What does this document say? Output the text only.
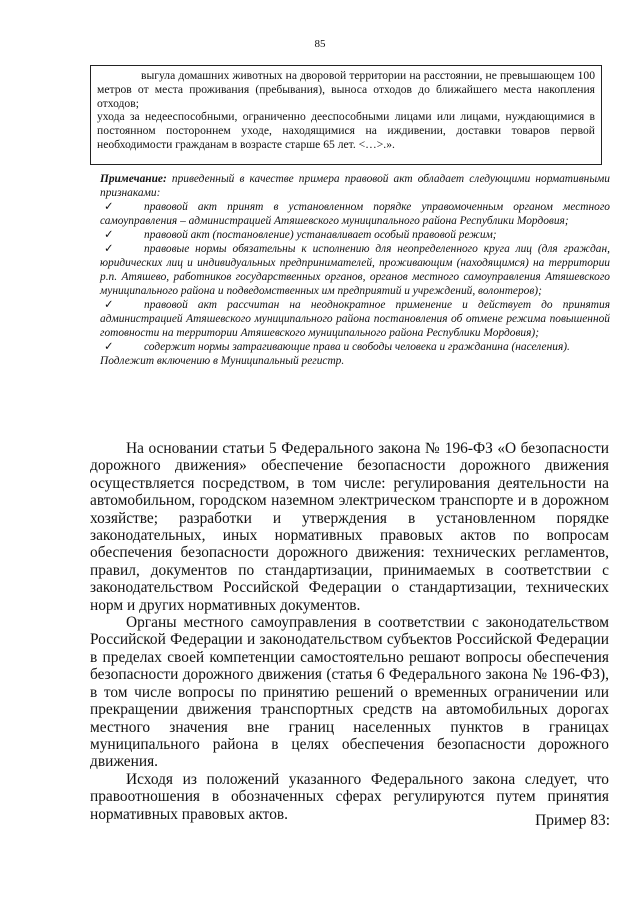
85

выгула домашних животных на дворовой территории на расстоянии, не превышающем 100 метров от места проживания (пребывания), выноса отходов до ближайшего места накопления отходов;

ухода за недееспособными, ограниченно дееспособными лицами или лицами, нуждающимися в постоянном постороннем уходе, находящимися на иждивении, доставки товаров первой необходимости гражданам в возрасте старше 65 лет. <…>.».

Примечание: приведенный в качестве примера правовой акт обладает следующими нормативными признаками:

✓	правовой акт принят в установленном порядке управомоченным органом местного самоуправления – администрацией Атяшевского муниципального района Республики Мордовия;

✓	правовой акт (постановление) устанавливает особый правовой режим;

✓	правовые нормы обязательны к исполнению для неопределенного круга лиц (для граждан, юридических лиц и индивидуальных предпринимателей, проживающим (находящимся) на территории р.п. Атяшево, работников государственных органов, органов местного самоуправления Атяшевского муниципального района и подведомственных им предприятий и учреждений, волонтеров);

✓	правовой акт рассчитан на неоднократное применение и действует до принятия администрацией Атяшевского муниципального района постановления об отмене режима повышенной готовности на территории Атяшевского муниципального района Республики Мордовия);

✓	содержит нормы затрагивающие права и свободы человека и гражданина (населения).

Подлежит включению в Муниципальный регистр.

На основании статьи 5 Федерального закона № 196-ФЗ «О безопасности дорожного движения» обеспечение безопасности дорожного движения осуществляется посредством, в том числе: регулирования деятельности на автомобильном, городском наземном электрическом транспорте и в дорожном хозяйстве; разработки и утверждения в установленном порядке законодательных, иных нормативных правовых актов по вопросам обеспечения безопасности дорожного движения: технических регламентов, правил, документов по стандартизации, принимаемых в соответствии с законодательством Российской Федерации о стандартизации, технических норм и других нормативных документов.

Органы местного самоуправления в соответствии с законодательством Российской Федерации и законодательством субъектов Российской Федерации в пределах своей компетенции самостоятельно решают вопросы обеспечения безопасности дорожного движения (статья 6 Федерального закона № 196-ФЗ), в том числе вопросы по принятию решений о временных ограничении или прекращении движения транспортных средств на автомобильных дорогах местного значения вне границ населенных пунктов в границах муниципального района в целях обеспечения безопасности дорожного движения.

Исходя из положений указанного Федерального закона следует, что правоотношения в обозначенных сферах регулируются путем принятия нормативных правовых актов.	Пример 83:
